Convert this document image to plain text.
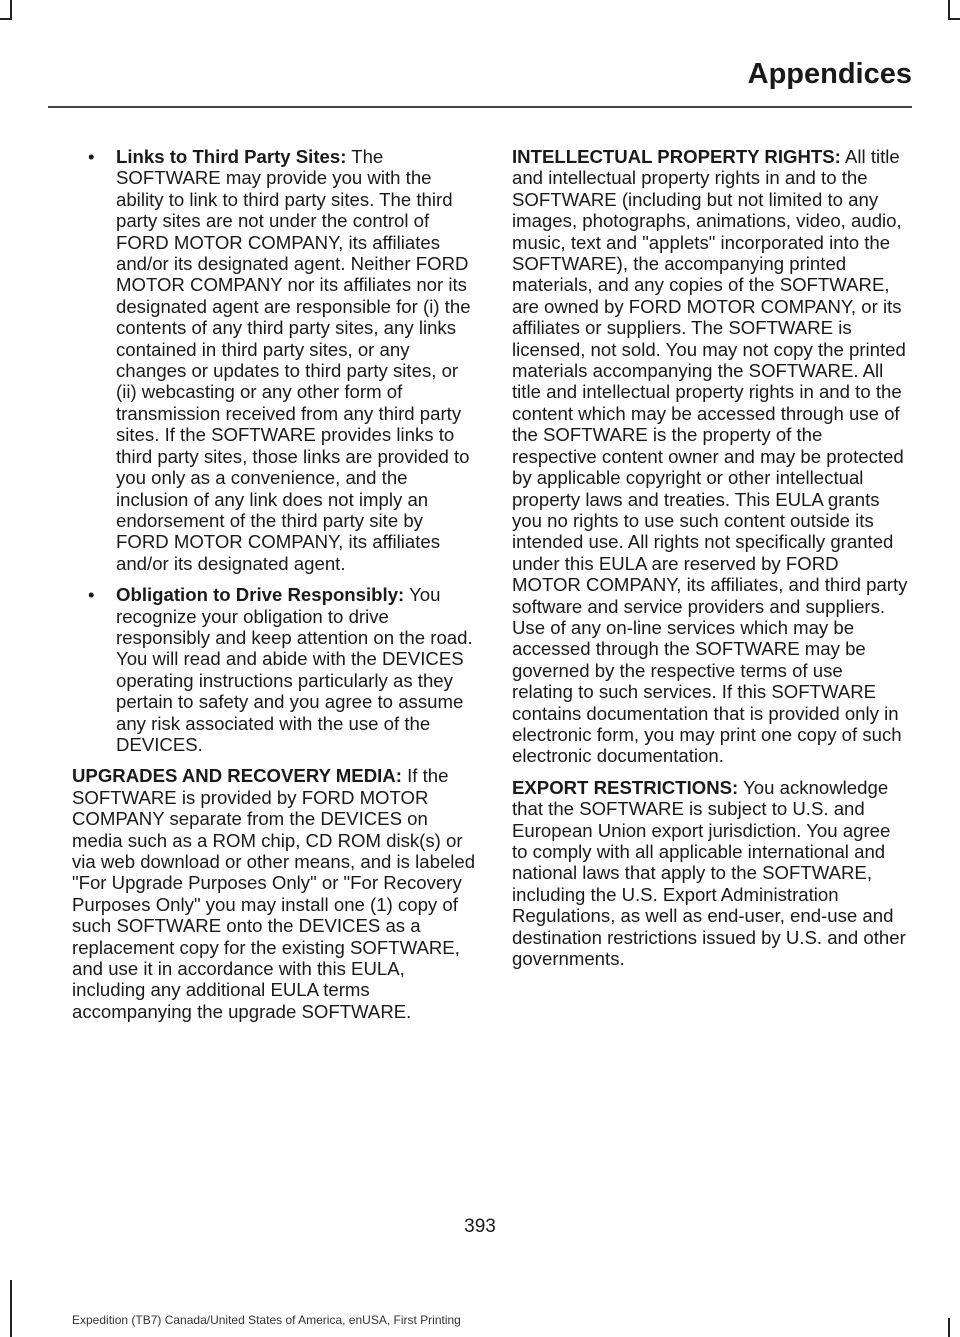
Appendices
• Links to Third Party Sites: The SOFTWARE may provide you with the ability to link to third party sites. The third party sites are not under the control of FORD MOTOR COMPANY, its affiliates and/or its designated agent. Neither FORD MOTOR COMPANY nor its affiliates nor its designated agent are responsible for (i) the contents of any third party sites, any links contained in third party sites, or any changes or updates to third party sites, or (ii) webcasting or any other form of transmission received from any third party sites. If the SOFTWARE provides links to third party sites, those links are provided to you only as a convenience, and the inclusion of any link does not imply an endorsement of the third party site by FORD MOTOR COMPANY, its affiliates and/or its designated agent.
• Obligation to Drive Responsibly: You recognize your obligation to drive responsibly and keep attention on the road. You will read and abide with the DEVICES operating instructions particularly as they pertain to safety and you agree to assume any risk associated with the use of the DEVICES.

UPGRADES AND RECOVERY MEDIA: If the SOFTWARE is provided by FORD MOTOR COMPANY separate from the DEVICES on media such as a ROM chip, CD ROM disk(s) or via web download or other means, and is labeled "For Upgrade Purposes Only" or "For Recovery Purposes Only" you may install one (1) copy of such SOFTWARE onto the DEVICES as a replacement copy for the existing SOFTWARE, and use it in accordance with this EULA, including any additional EULA terms accompanying the upgrade SOFTWARE.

INTELLECTUAL PROPERTY RIGHTS: All title and intellectual property rights in and to the SOFTWARE (including but not limited to any images, photographs, animations, video, audio, music, text and "applets" incorporated into the SOFTWARE), the accompanying printed materials, and any copies of the SOFTWARE, are owned by FORD MOTOR COMPANY, or its affiliates or suppliers. The SOFTWARE is licensed, not sold. You may not copy the printed materials accompanying the SOFTWARE. All title and intellectual property rights in and to the content which may be accessed through use of the SOFTWARE is the property of the respective content owner and may be protected by applicable copyright or other intellectual property laws and treaties. This EULA grants you no rights to use such content outside its intended use. All rights not specifically granted under this EULA are reserved by FORD MOTOR COMPANY, its affiliates, and third party software and service providers and suppliers. Use of any on-line services which may be accessed through the SOFTWARE may be governed by the respective terms of use relating to such services. If this SOFTWARE contains documentation that is provided only in electronic form, you may print one copy of such electronic documentation.

EXPORT RESTRICTIONS: You acknowledge that the SOFTWARE is subject to U.S. and European Union export jurisdiction. You agree to comply with all applicable international and national laws that apply to the SOFTWARE, including the U.S. Export Administration Regulations, as well as end-user, end-use and destination restrictions issued by U.S. and other governments.

393
Expedition (TB7) Canada/United States of America, enUSA, First Printing
